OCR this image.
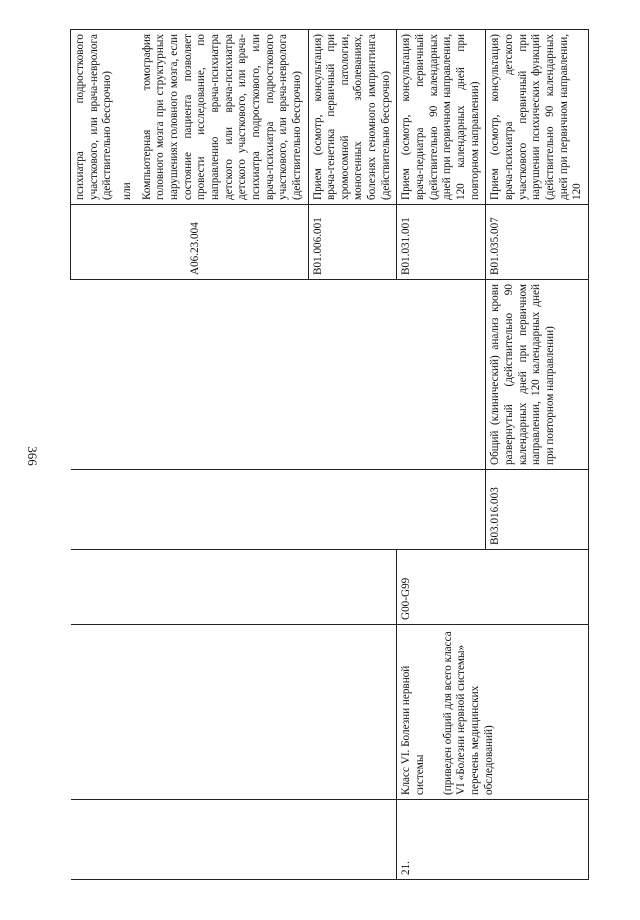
366

					A06.23.004	психиатра подросткового участкового, или врача-невролога (действительно бессрочно) или Компьютерная томография головного мозга при структурных нарушениях головного мозга, если состояние пациента позволяет провести исследование, по направлению врача-психиатра детского или врача-психиатра детского участкового, или врача-психиатра подросткового, или врача-психиатра подросткового участкового, или врача-невролога (действительно бессрочно)

					B01.006.001	Прием (осмотр, консультация) врача-генетика первичный при хромосомной патологии, моногенных заболеваниях, болезнях геномного импринтинга (действительно бессрочно)

21.	Класс VI. Болезни нервной системы (приведен общий для всего класса VI «Болезни нервной системы» перечень медицинских обследований)	G00-G99			B01.031.001	Прием (осмотр, консультация) врача-педиатра первичный (действительно 90 календарных дней при первичном направлении, 120 календарных дней при повторном направлении)

			B03.016.003	Общий (клинический) анализ крови развернутый (действительно 90 календарных дней при первичном направлении, 120 календарных дней при повторном направлении)	B01.035.007	Прием (осмотр, консультация) врача-психиатра детского участкового первичный при нарушении психических функций (действительно 90 календарных дней при первичном направлении, 120
